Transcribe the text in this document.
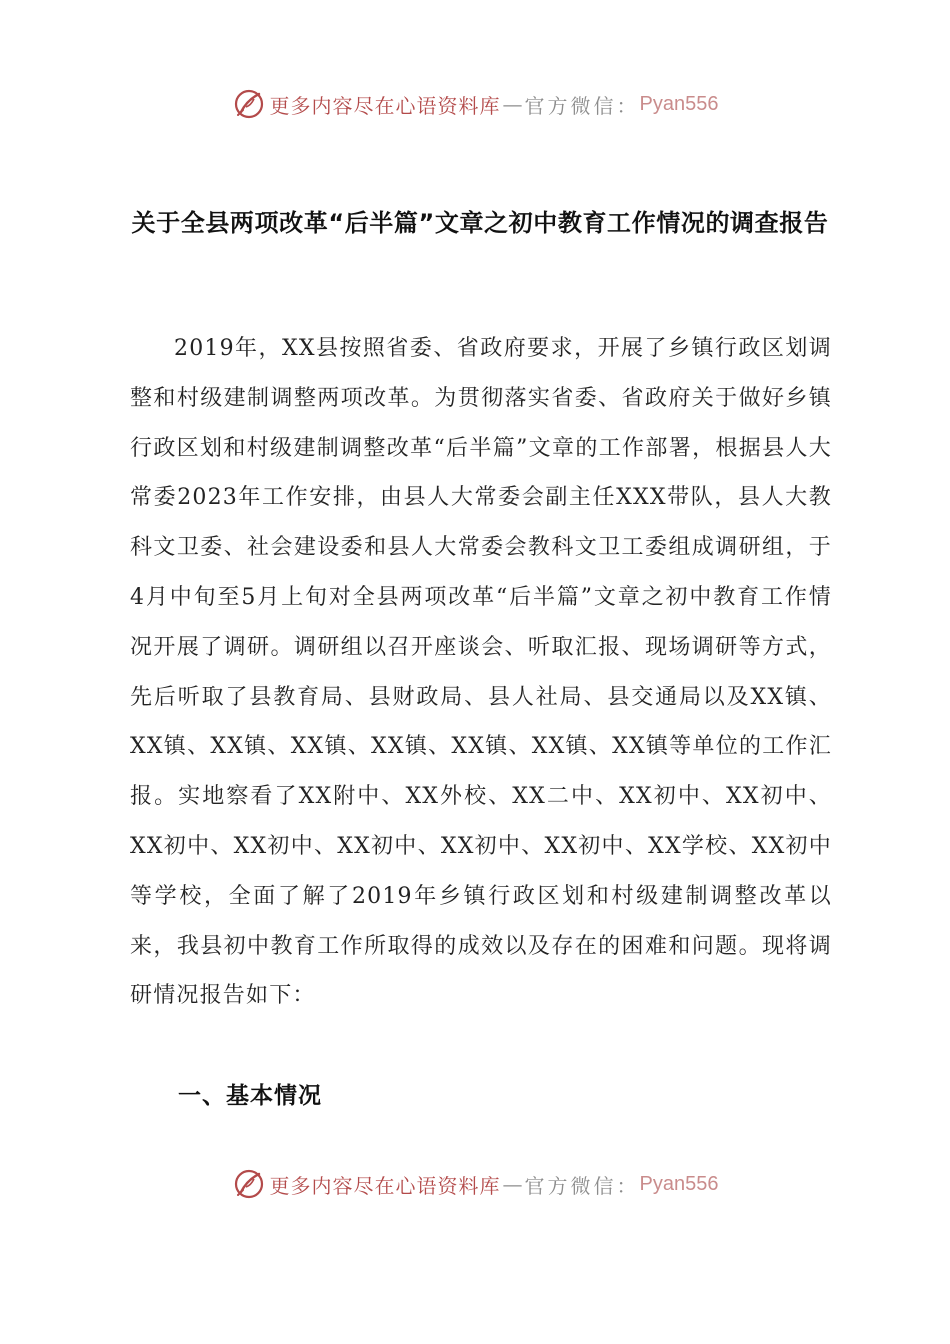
更多内容尽在心语资料库 — 官方微信： Pyan556
关于全县两项改革“后半篇”文章之初中教育工作情况的调查报告

2019年，XX县按照省委、省政府要求，开展了乡镇行政区划调整和村级建制调整两项改革。为贯彻落实省委、省政府关于做好乡镇行政区划和村级建制调整改革“后半篇”文章的工作部署，根据县人大常委2023年工作安排，由县人大常委会副主任XXX带队，县人大教科文卫委、社会建设委和县人大常委会教科文卫工委组成调研组，于4月中旬至5月上旬对全县两项改革“后半篇”文章之初中教育工作情况开展了调研。调研组以召开座谈会、听取汇报、现场调研等方式，先后听取了县教育局、县财政局、县人社局、县交通局以及XX镇、XX镇、XX镇、XX镇、XX镇、XX镇、XX镇、XX镇等单位的工作汇报。实地察看了XX附中、XX外校、XX二中、XX初中、XX初中、XX初中、XX初中、XX初中、XX初中、XX初中、XX学校、XX初中等学校，全面了解了2019年乡镇行政区划和村级建制调整改革以来，我县初中教育工作所取得的成效以及存在的困难和问题。现将调研情况报告如下：

一、基本情况
更多内容尽在心语资料库 — 官方微信： Pyan556
